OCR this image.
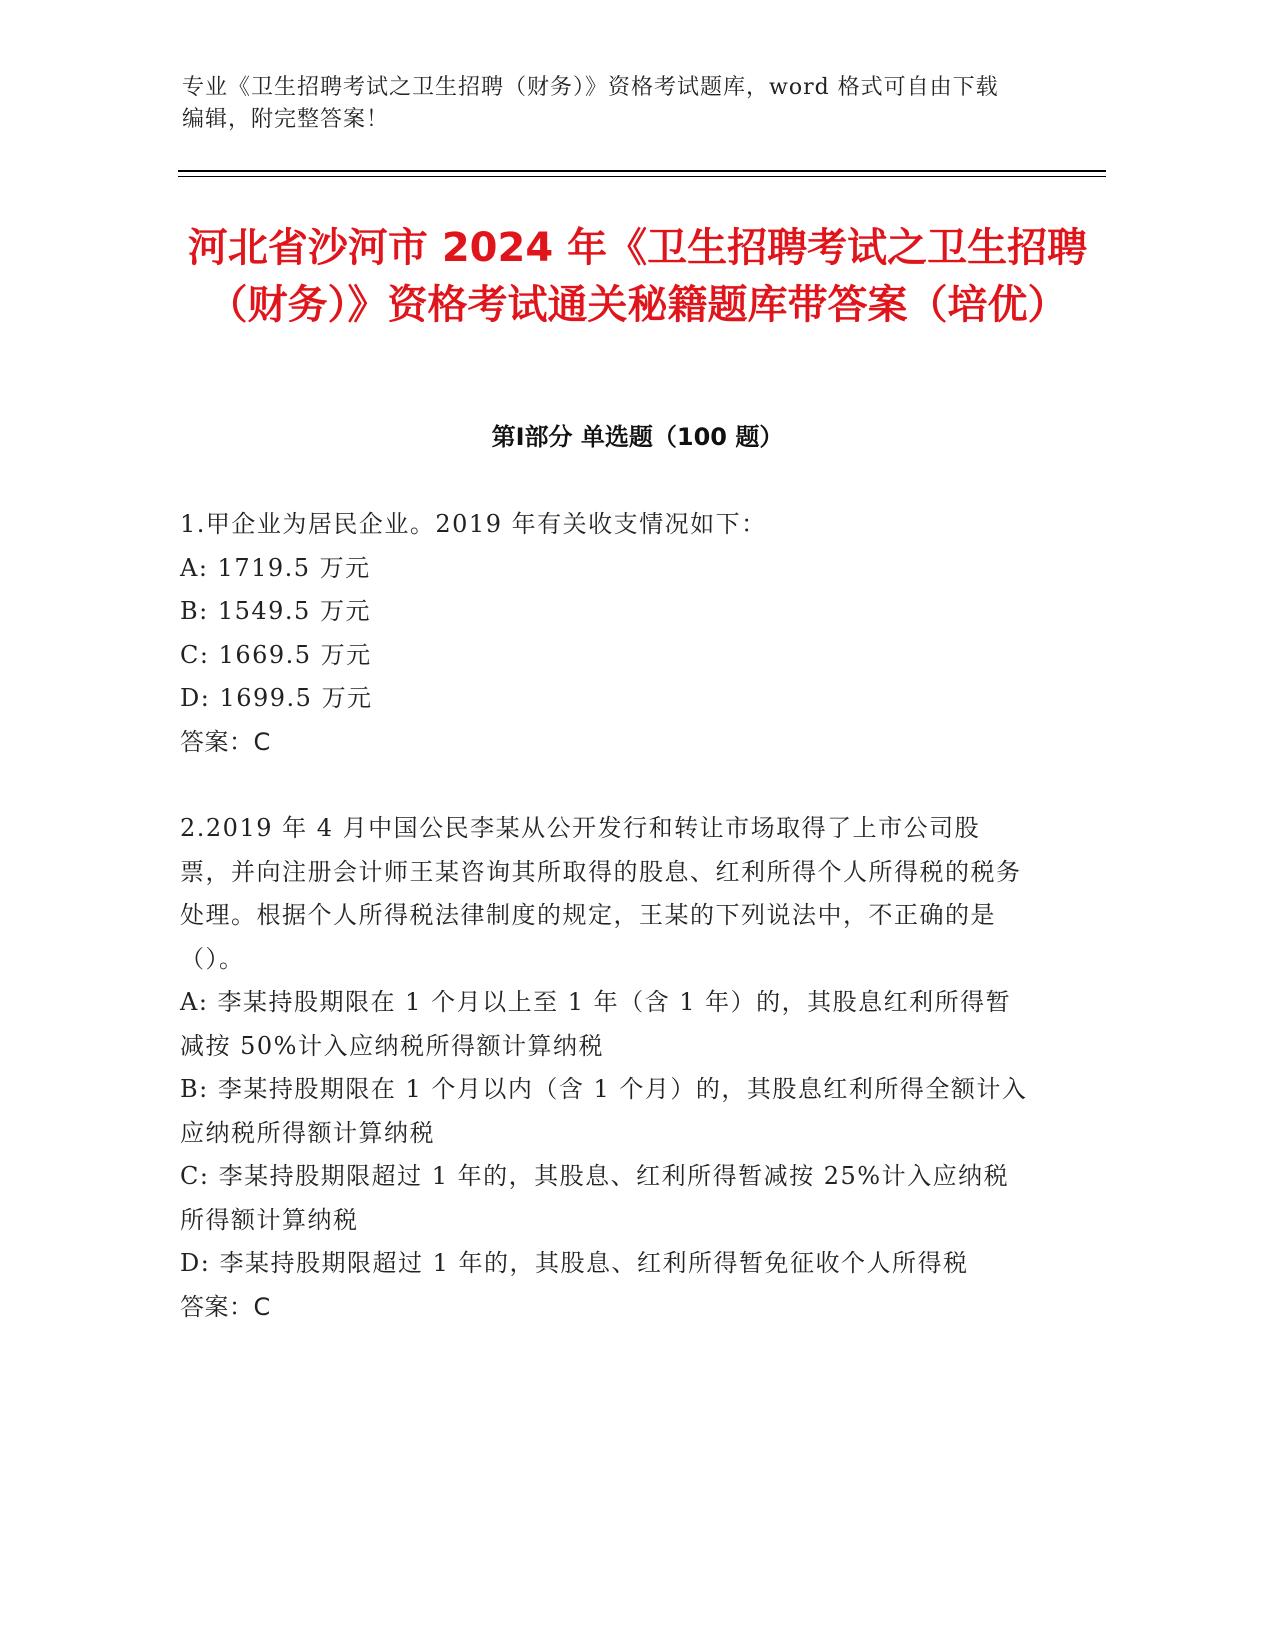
专业《卫生招聘考试之卫生招聘（财务）》资格考试题库，word 格式可自由下载
编辑，附完整答案！
河北省沙河市 2024 年《卫生招聘考试之卫生招聘（财务）》资格考试通关秘籍题库带答案（培优）
第Ⅰ部分 单选题（100 题）

1.甲企业为居民企业。2019 年有关收支情况如下：

A: 1719.5 万元

B: 1549.5 万元

C: 1669.5 万元

D: 1699.5 万元

答案：C

2.2019 年 4 月中国公民李某从公开发行和转让市场取得了上市公司股票，并向注册会计师王某咨询其所取得的股息、红利所得个人所得税的税务处理。根据个人所得税法律制度的规定，王某的下列说法中，不正确的是（）。

A: 李某持股期限在 1 个月以上至 1 年（含 1 年）的，其股息红利所得暂减按 50%计入应纳税所得额计算纳税

B: 李某持股期限在 1 个月以内（含 1 个月）的，其股息红利所得全额计入应纳税所得额计算纳税

C: 李某持股期限超过 1 年的，其股息、红利所得暂减按 25%计入应纳税所得额计算纳税

D: 李某持股期限超过 1 年的，其股息、红利所得暂免征收个人所得税

答案：C
